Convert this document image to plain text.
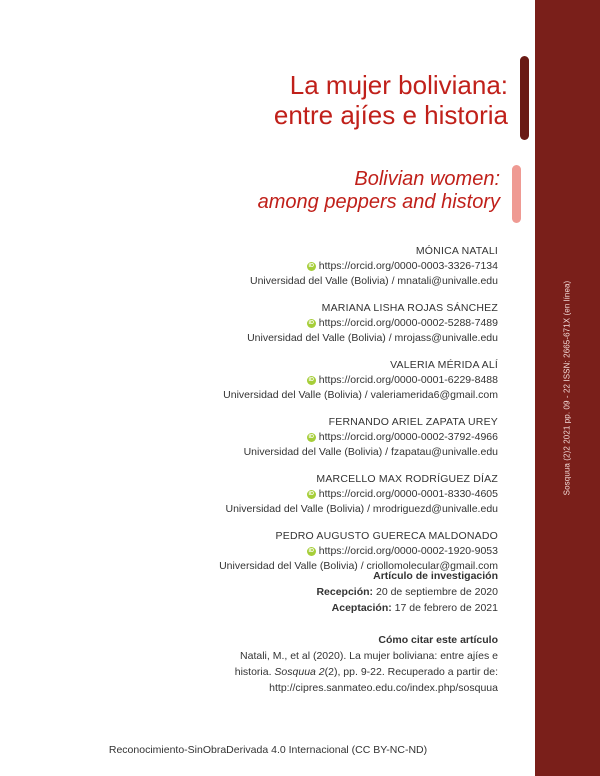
Sosquua (2)2 2021 pp. 09 - 22 ISSN: 2665-671X (en línea)
La mujer boliviana:
entre ajíes e historia
Bolivian women:
among peppers and history
MÓNICA NATALI
iD https://orcid.org/0000-0003-3326-7134
Universidad del Valle (Bolivia) / mnatali@univalle.edu
MARIANA LISHA ROJAS SÁNCHEZ
iD https://orcid.org/0000-0002-5288-7489
Universidad del Valle (Bolivia) / mrojass@univalle.edu
VALERIA MÉRIDA ALÍ
iD https://orcid.org/0000-0001-6229-8488
Universidad del Valle (Bolivia) / valeriamerida6@gmail.com
FERNANDO ARIEL ZAPATA UREY
iD https://orcid.org/0000-0002-3792-4966
Universidad del Valle (Bolivia) / fzapatau@univalle.edu
MARCELLO MAX RODRÍGUEZ DÍAZ
iD https://orcid.org/0000-0001-8330-4605
Universidad del Valle (Bolivia) / mrodriguezd@univalle.edu
PEDRO AUGUSTO GUERECA MALDONADO
iD https://orcid.org/0000-0002-1920-9053
Universidad del Valle (Bolivia) / criollomolecular@gmail.com
Artículo de investigación
Recepción: 20 de septiembre de 2020
Aceptación: 17 de febrero de 2021
Cómo citar este artículo
Natali, M., et al (2020). La mujer boliviana: entre ajíes e
historia. Sosquua 2(2), pp. 9-22. Recuperado a partir de:
http://cipres.sanmateo.edu.co/index.php/sosquua
Reconocimiento-SinObraDerivada 4.0 Internacional (CC BY-NC-ND)
